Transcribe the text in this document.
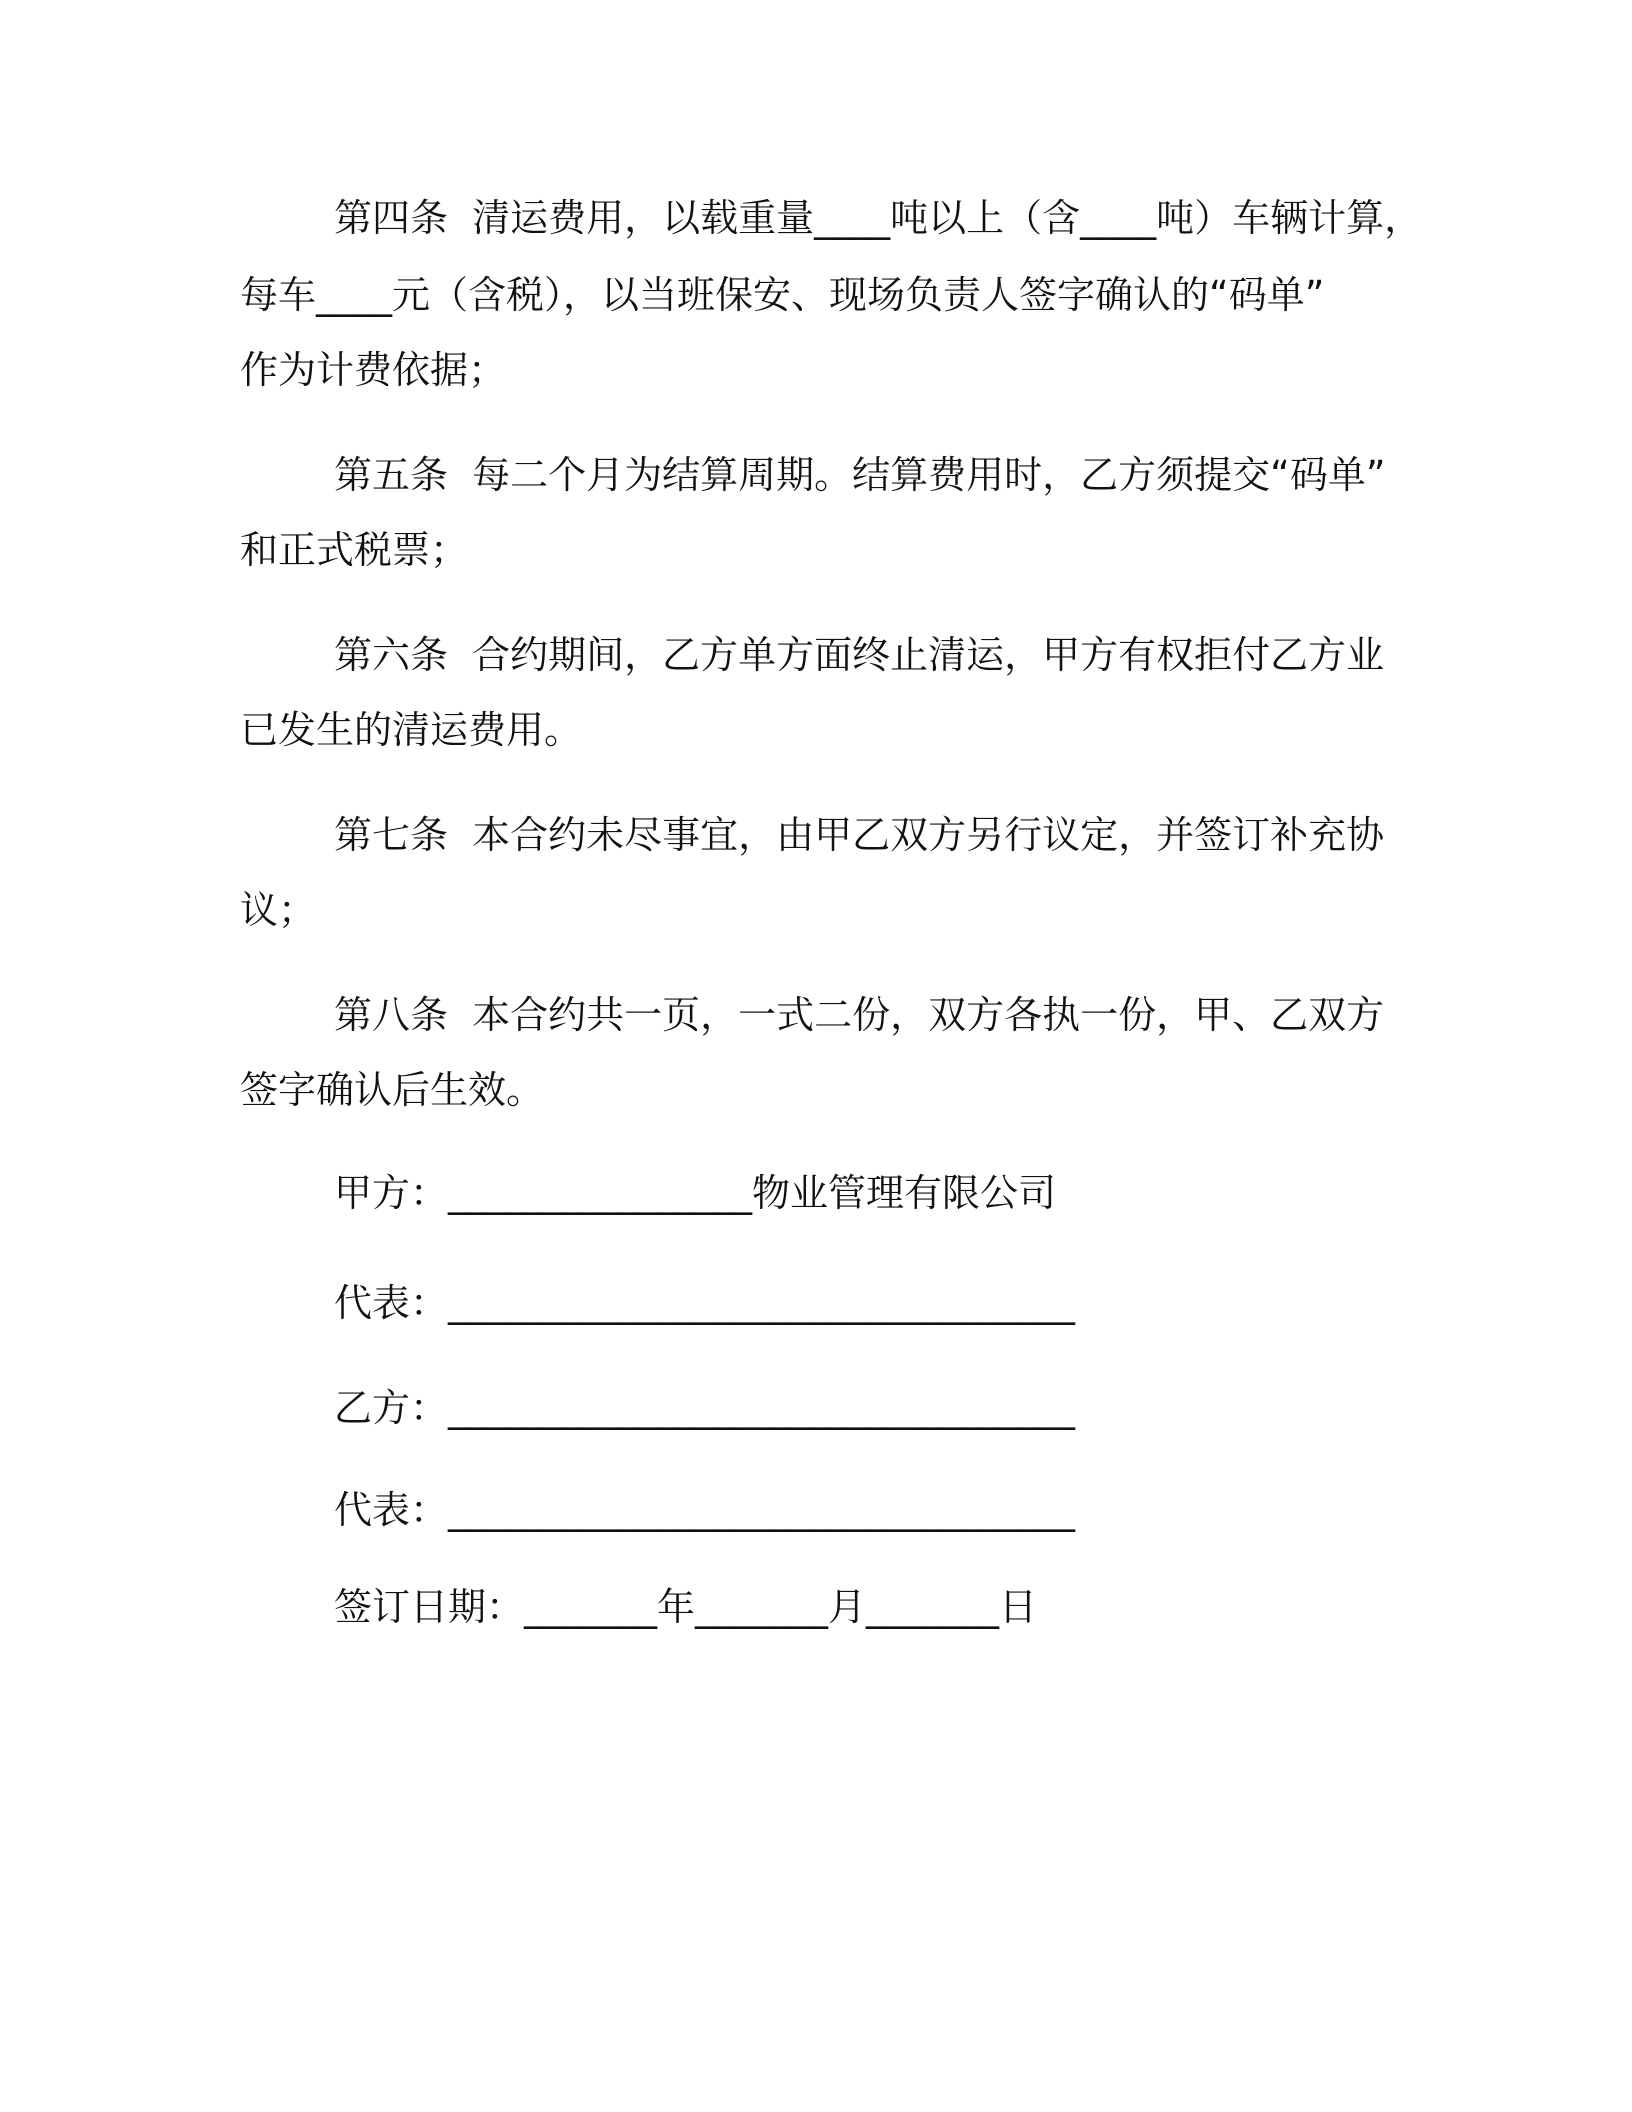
第四条  清运费用，以载重量____吨以上（含____吨）车辆计算，
每车____元（含税），以当班保安、现场负责人签字确认的“码单”
作为计费依据；
第五条  每二个月为结算周期。结算费用时，乙方须提交“码单”
和正式税票；
第六条  合约期间，乙方单方面终止清运，甲方有权拒付乙方业
已发生的清运费用。
第七条  本合约未尽事宜，由甲乙双方另行议定，并签订补充协
议；
第八条  本合约共一页，一式二份，双方各执一份，甲、乙双方
签字确认后生效。
甲方：________________物业管理有限公司
代表：_________________________________
乙方：_________________________________
代表：_________________________________
签订日期：_______年_______月_______日
